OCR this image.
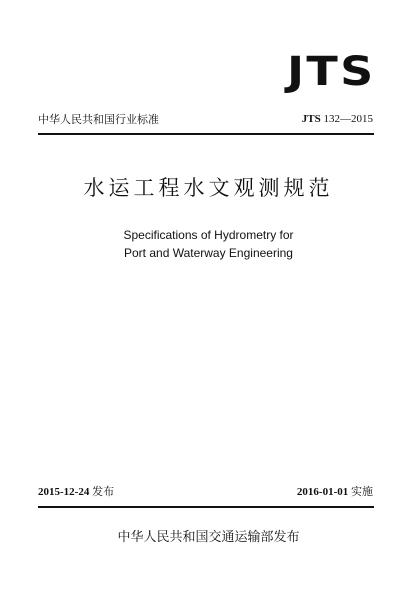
JTS
中华人民共和国行业标准	JTS 132—2015
水运工程水文观测规范
Specifications of Hydrometry for
Port and Waterway Engineering
2015-12-24 发布	2016-01-01 实施
中华人民共和国交通运输部发布
